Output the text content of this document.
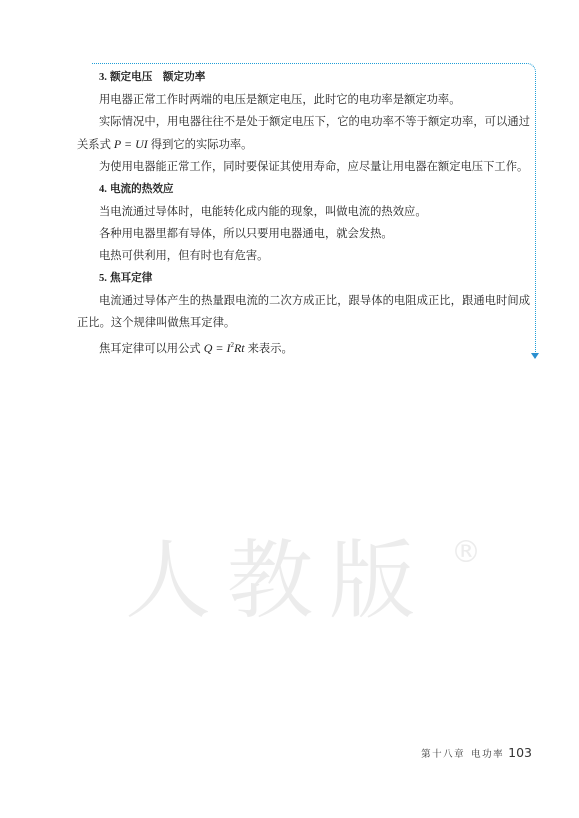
3. 额定电压　额定功率

用电器正常工作时两端的电压是额定电压，此时它的电功率是额定功率。

实际情况中，用电器往往不是处于额定电压下，它的电功率不等于额定功率，可以通过关系式 P = UI 得到它的实际功率。

为使用电器能正常工作，同时要保证其使用寿命，应尽量让用电器在额定电压下工作。

4. 电流的热效应

当电流通过导体时，电能转化成内能的现象，叫做电流的热效应。

各种用电器里都有导体，所以只要用电器通电，就会发热。

电热可供利用，但有时也有危害。

5. 焦耳定律

电流通过导体产生的热量跟电流的二次方成正比，跟导体的电阻成正比，跟通电时间成正比。这个规律叫做焦耳定律。

焦耳定律可以用公式 $Q = I^2Rt$ 来表示。

人教版 ®
第十八章 电功率 103
